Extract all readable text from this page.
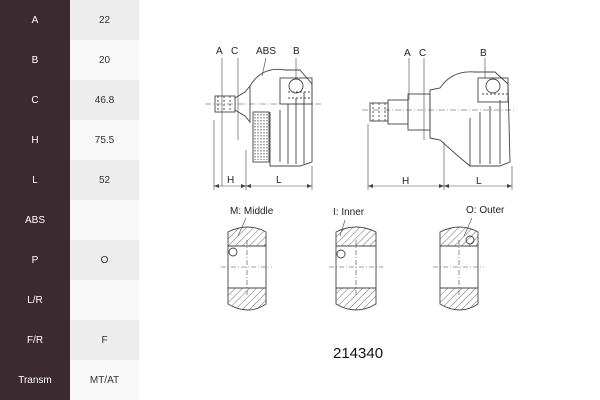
A	22
B	20
C	46.8
H	75.5
L	52
ABS
P	O
L/R
F/R	F
Transm	MT/AT
A C ABS B
H	L
A C	B
H	L
M: Middle	I: Inner	O: Outer
214340
